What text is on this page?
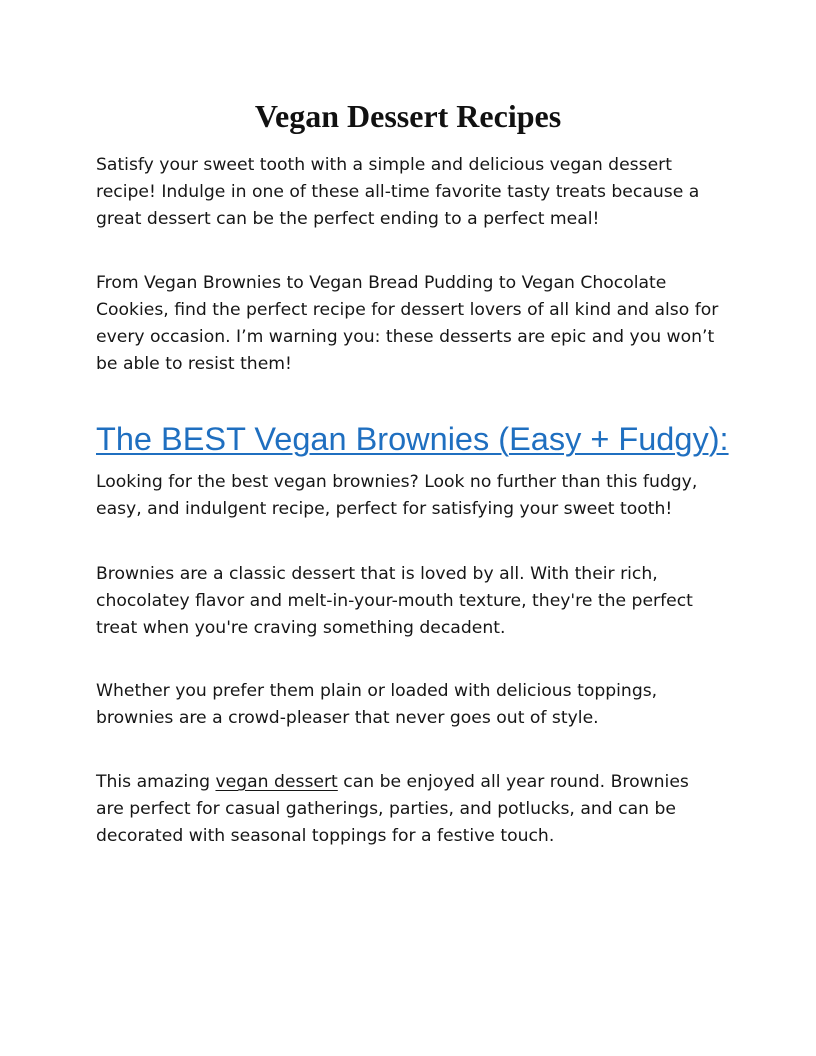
Vegan Dessert Recipes

Satisfy your sweet tooth with a simple and delicious vegan dessert recipe! Indulge in one of these all-time favorite tasty treats because a great dessert can be the perfect ending to a perfect meal!

From Vegan Brownies to Vegan Bread Pudding to Vegan Chocolate Cookies, find the perfect recipe for dessert lovers of all kind and also for every occasion. I’m warning you: these desserts are epic and you won’t be able to resist them!

The BEST Vegan Brownies (Easy + Fudgy):

Looking for the best vegan brownies? Look no further than this fudgy, easy, and indulgent recipe, perfect for satisfying your sweet tooth!

Brownies are a classic dessert that is loved by all. With their rich, chocolatey flavor and melt-in-your-mouth texture, they're the perfect treat when you're craving something decadent.

Whether you prefer them plain or loaded with delicious toppings, brownies are a crowd-pleaser that never goes out of style.

This amazing vegan dessert can be enjoyed all year round. Brownies are perfect for casual gatherings, parties, and potlucks, and can be decorated with seasonal toppings for a festive touch.
